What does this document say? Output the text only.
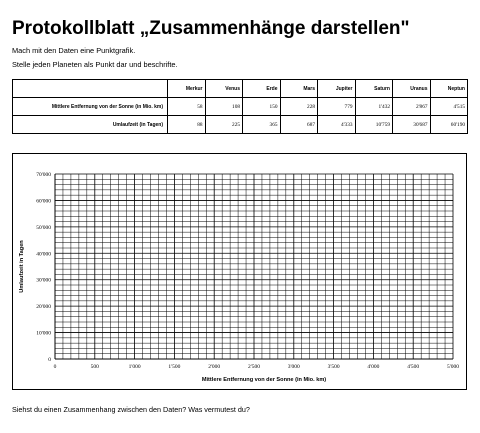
Protokollblatt „Zusammenhänge darstellen"
Mach mit den Daten eine Punktgrafik.
Stelle jeden Planeten als Punkt dar und beschrifte.
	Merkur	Venus	Erde	Mars	Jupiter	Saturn	Uranus	Neptun
Mittlere Entfernung von der Sonne (in Mio. km)	58	108	150	228	779	1'432	2'867	4'515
Umlaufzeit (in Tagen)	88	225	365	687	4'333	10'759	30'687	60'190
0	500	1'000	1'500	2'000	2'500	3'000	3'500	4'000	4'500	5'000
0
10'000
20'000
30'000
40'000
50'000
60'000
70'000
Mittlere Entfernung von der Sonne (in Mio. km)
Umlaufzeit in Tagen
Siehst du einen Zusammenhang zwischen den Daten? Was vermutest du?
